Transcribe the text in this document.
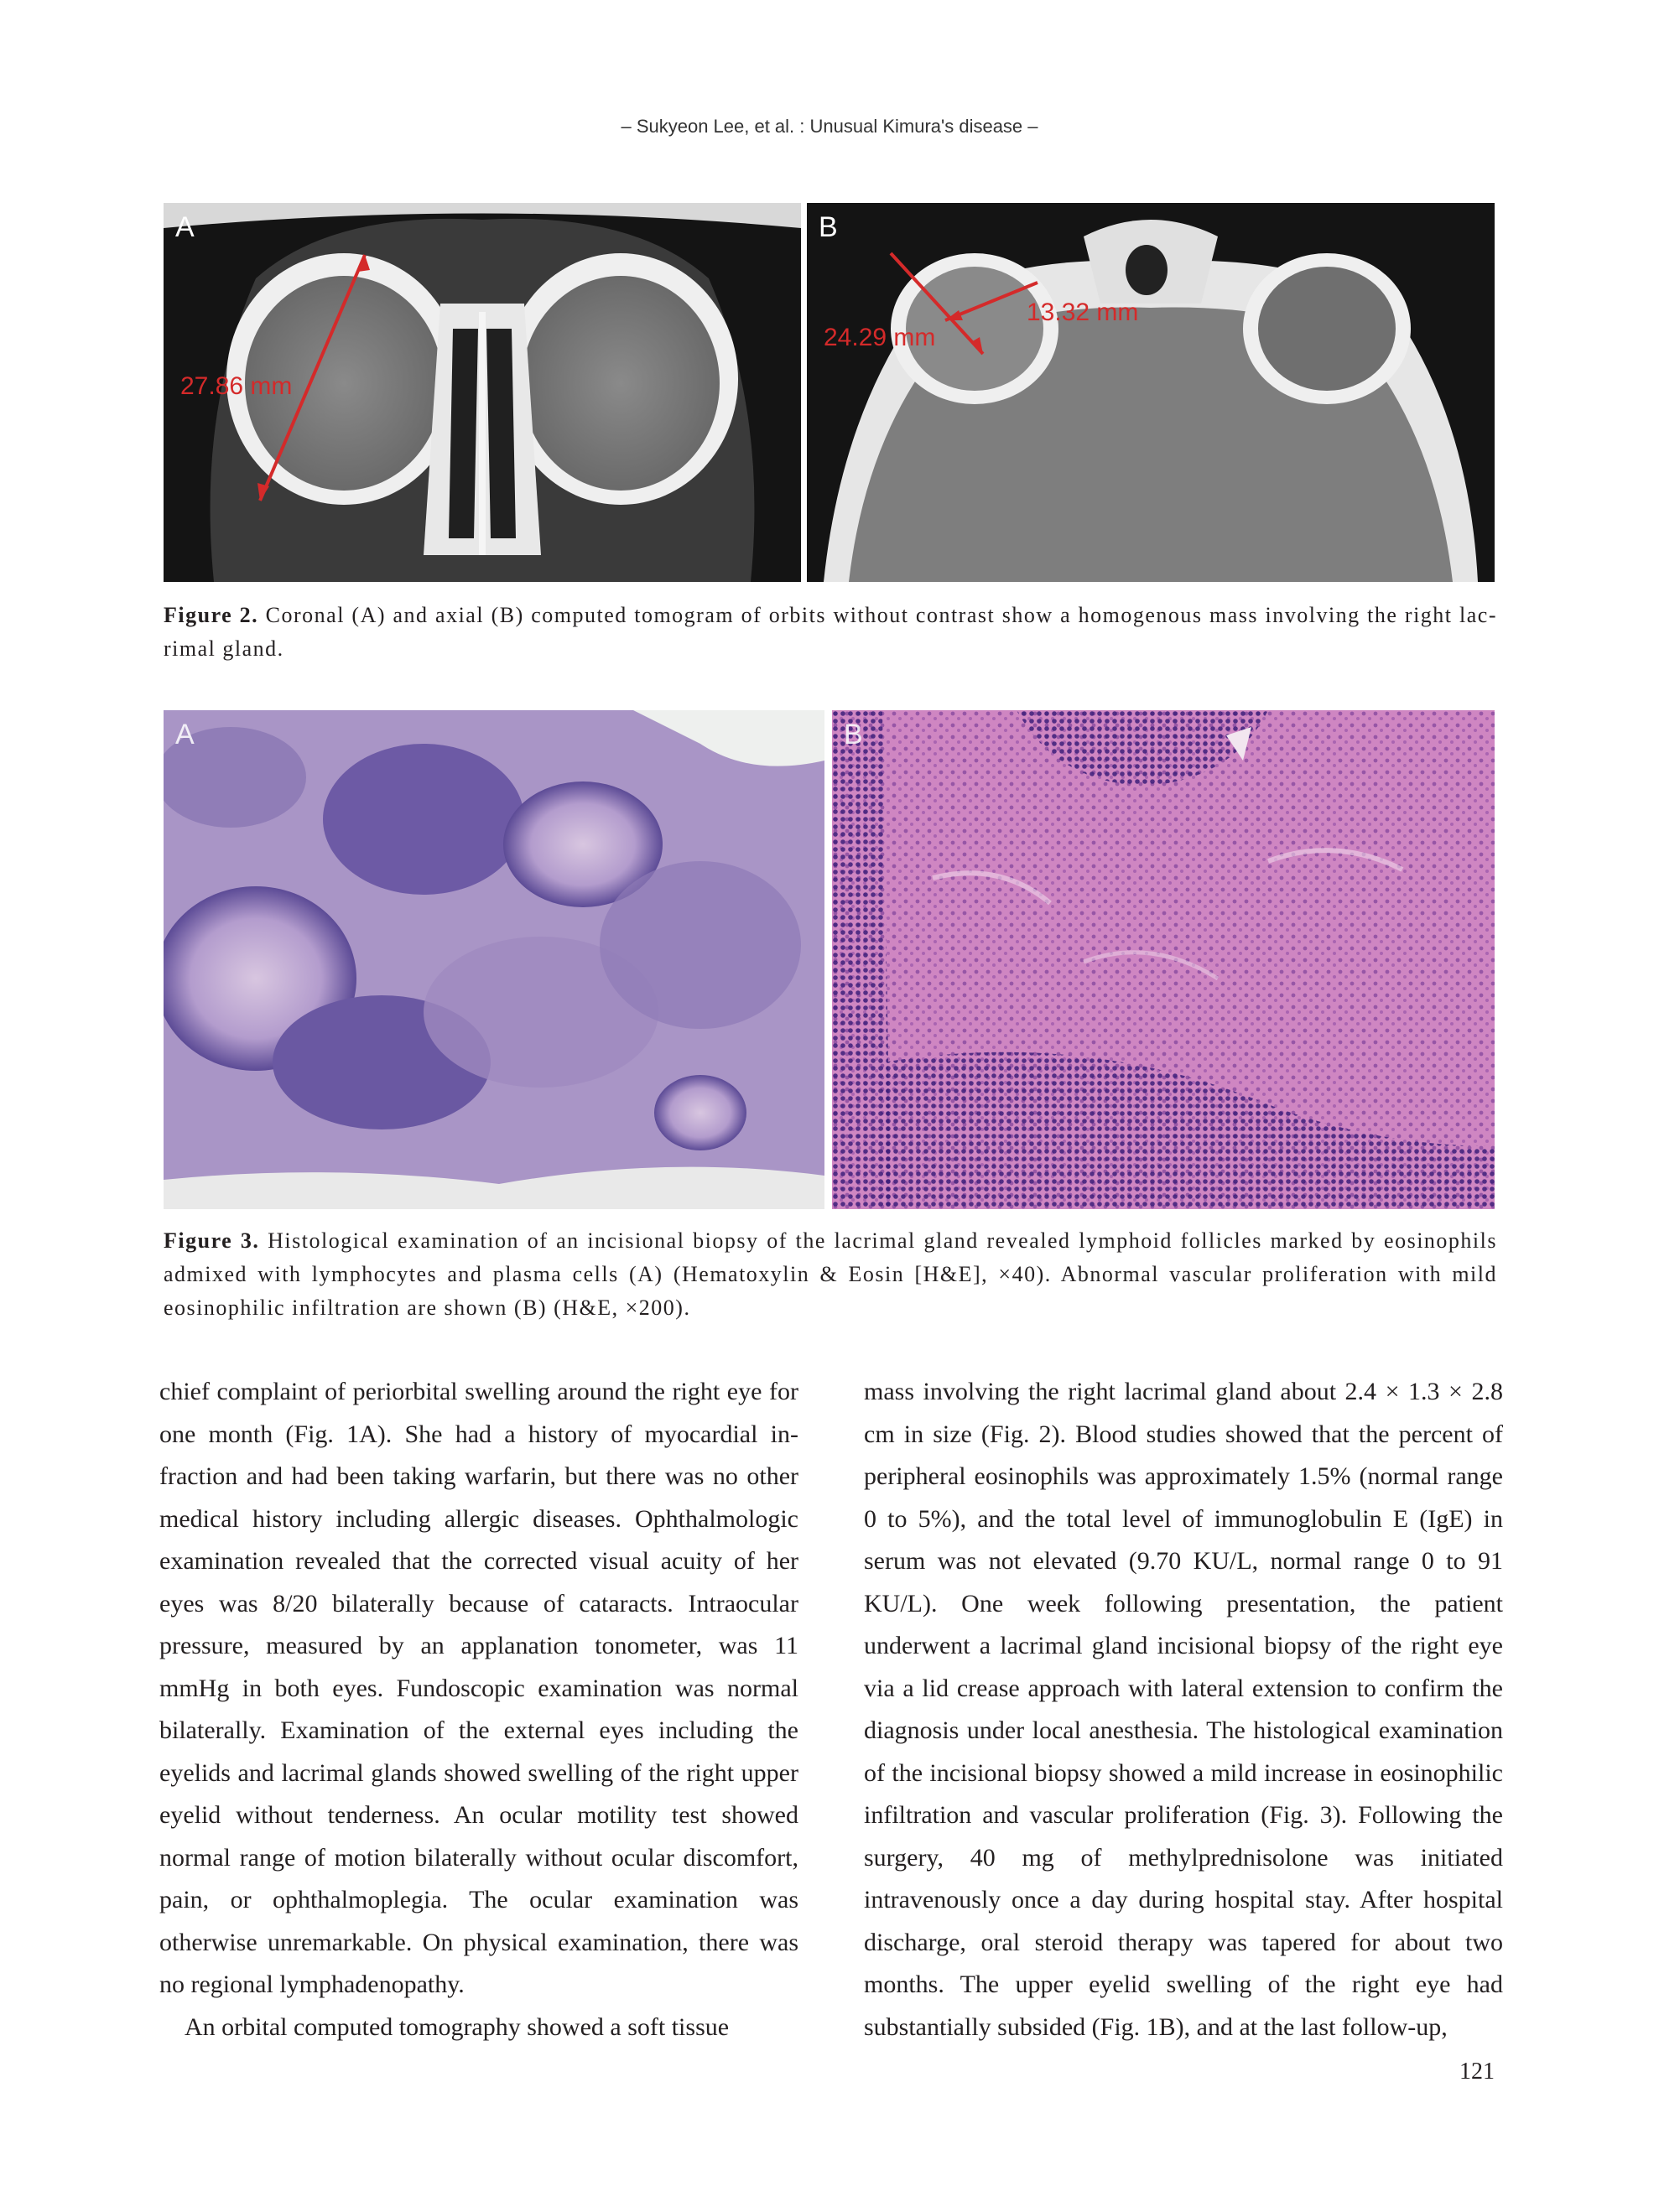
– Sukyeon Lee, et al. : Unusual Kimura's disease –
27.86 mm
A
24.29 mm
13.32 mm
B
Figure 2. Coronal (A) and axial (B) computed tomogram of orbits without contrast show a homogenous mass involving the right lac-rimal gland.
A	B
Figure 3. Histological examination of an incisional biopsy of the lacrimal gland revealed lymphoid follicles marked by eosinophils admixed with lymphocytes and plasma cells (A) (Hematoxylin & Eosin [H&E], ×40). Abnormal vascular proliferation with mild eosinophilic infiltration are shown (B) (H&E, ×200).

chief complaint of periorbital swelling around the right eye for one month (Fig. 1A). She had a history of myocardial infraction and had been taking warfarin, but there was no other medical history including allergic diseases. Ophthalmologic examination revealed that the corrected visual acuity of her eyes was 8/20 bilaterally because of cataracts. Intraocular pressure, measured by an applanation tonometer, was 11 mmHg in both eyes. Fundoscopic examination was normal bilaterally. Examination of the external eyes including the eyelids and lacrimal glands showed swelling of the right upper eyelid without tenderness. An ocular motility test showed normal range of motion bilaterally without ocular discomfort, pain, or ophthalmoplegia. The ocular examination was otherwise unremarkable. On physical examination, there was no regional lymphadenopathy.

An orbital computed tomography showed a soft tissue

mass involving the right lacrimal gland about 2.4 × 1.3 × 2.8 cm in size (Fig. 2). Blood studies showed that the percent of peripheral eosinophils was approximately 1.5% (normal range 0 to 5%), and the total level of immunoglobulin E (IgE) in serum was not elevated (9.70 KU/L, normal range 0 to 91 KU/L). One week following presentation, the patient underwent a lacrimal gland incisional biopsy of the right eye via a lid crease approach with lateral extension to confirm the diagnosis under local anesthesia. The histological examination of the incisional biopsy showed a mild increase in eosinophilic infiltration and vascular proliferation (Fig. 3). Following the surgery, 40 mg of methylprednisolone was initiated intravenously once a day during hospital stay. After hospital discharge, oral steroid therapy was tapered for about two months. The upper eyelid swelling of the right eye had substantially subsided (Fig. 1B), and at the last follow-up,

121
